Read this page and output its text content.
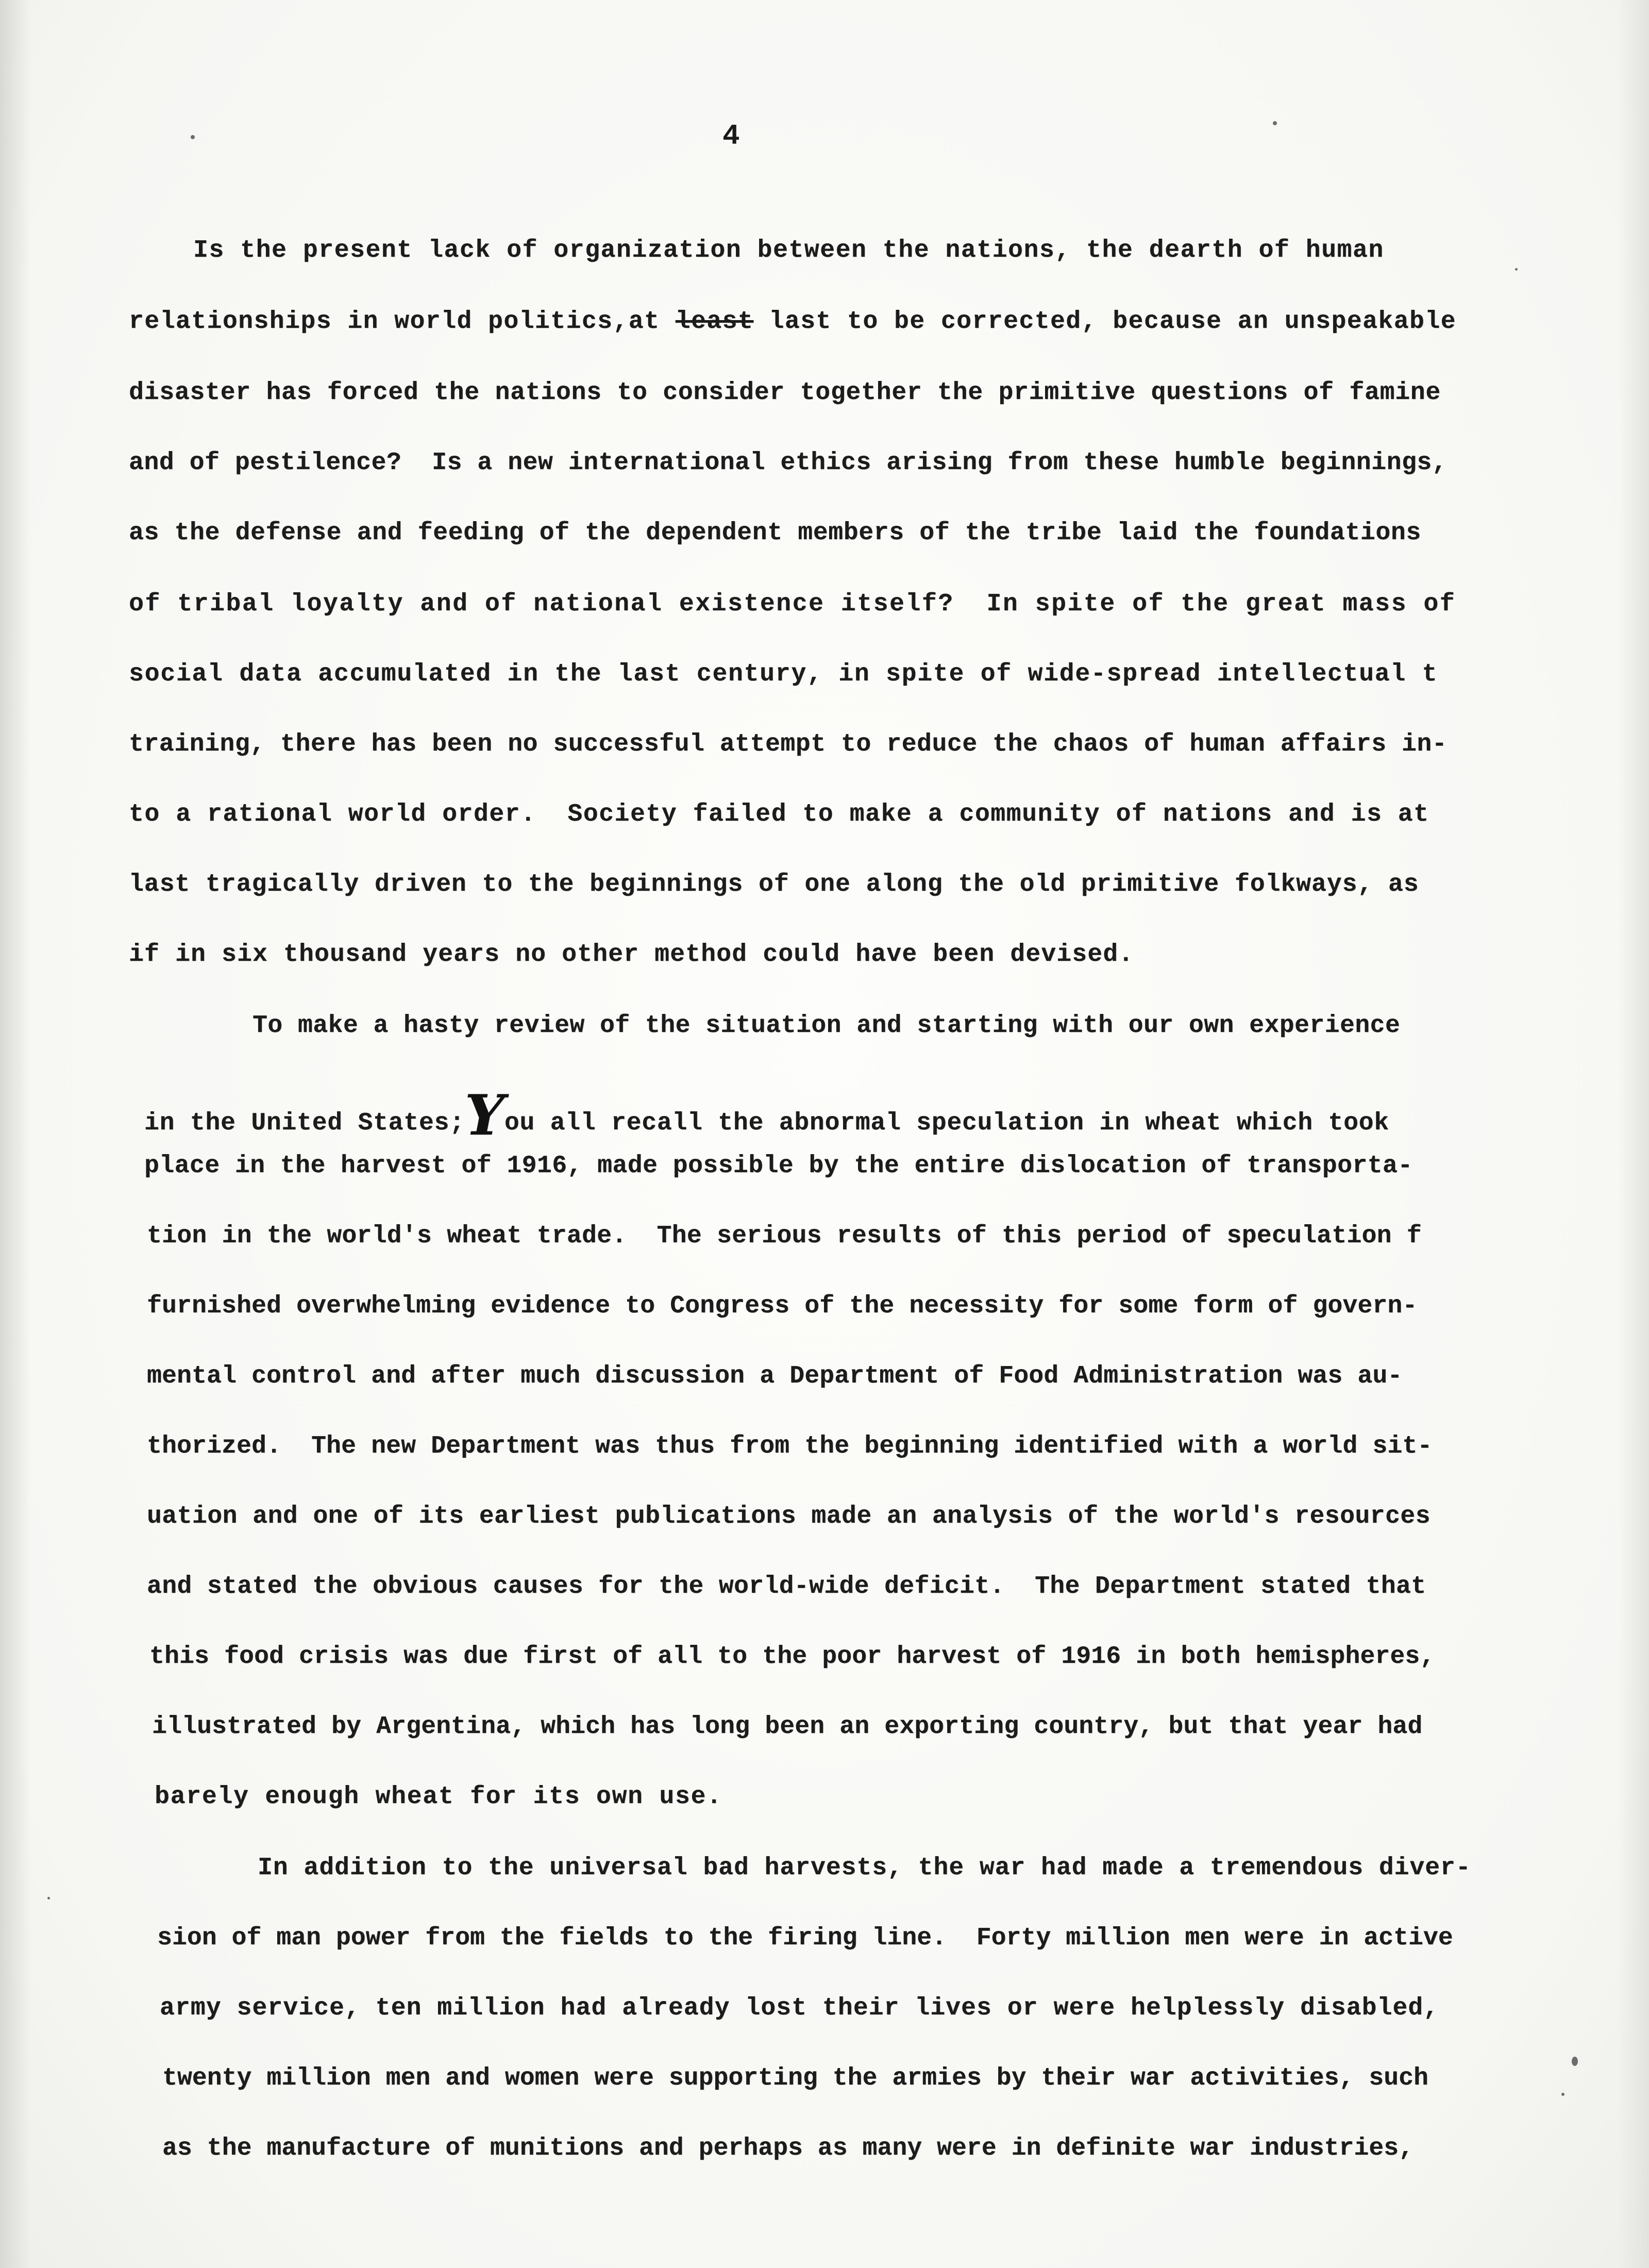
4
Is the present lack of organization between the nations, the dearth of human
relationships in world politics,at least last to be corrected, because an unspeakable
disaster has forced the nations to consider together the primitive questions of famine
and of pestilence?  Is a new international ethics arising from these humble beginnings,
as the defense and feeding of the dependent members of the tribe laid the foundations
of tribal loyalty and of national existence itself?  In spite of the great mass of
social data accumulated in the last century, in spite of wide-spread intellectual t
training, there has been no successful attempt to reduce the chaos of human affairs in-
to a rational world order.  Society failed to make a community of nations and is at
last tragically driven to the beginnings of one along the old primitive folkways, as
if in six thousand years no other method could have been devised.
To make a hasty review of the situation and starting with our own experience
in the United States;You all recall the abnormal speculation in wheat which took
place in the harvest of 1916, made possible by the entire dislocation of transporta-
tion in the world's wheat trade.  The serious results of this period of speculation f
furnished overwhelming evidence to Congress of the necessity for some form of govern-
mental control and after much discussion a Department of Food Administration was au-
thorized.  The new Department was thus from the beginning identified with a world sit-
uation and one of its earliest publications made an analysis of the world's resources
and stated the obvious causes for the world-wide deficit.  The Department stated that
this food crisis was due first of all to the poor harvest of 1916 in both hemispheres,
illustrated by Argentina, which has long been an exporting country, but that year had
barely enough wheat for its own use.
In addition to the universal bad harvests, the war had made a tremendous diver-
sion of man power from the fields to the firing line.  Forty million men were in active
army service, ten million had already lost their lives or were helplessly disabled,
twenty million men and women were supporting the armies by their war activities, such
as the manufacture of munitions and perhaps as many were in definite war industries,
